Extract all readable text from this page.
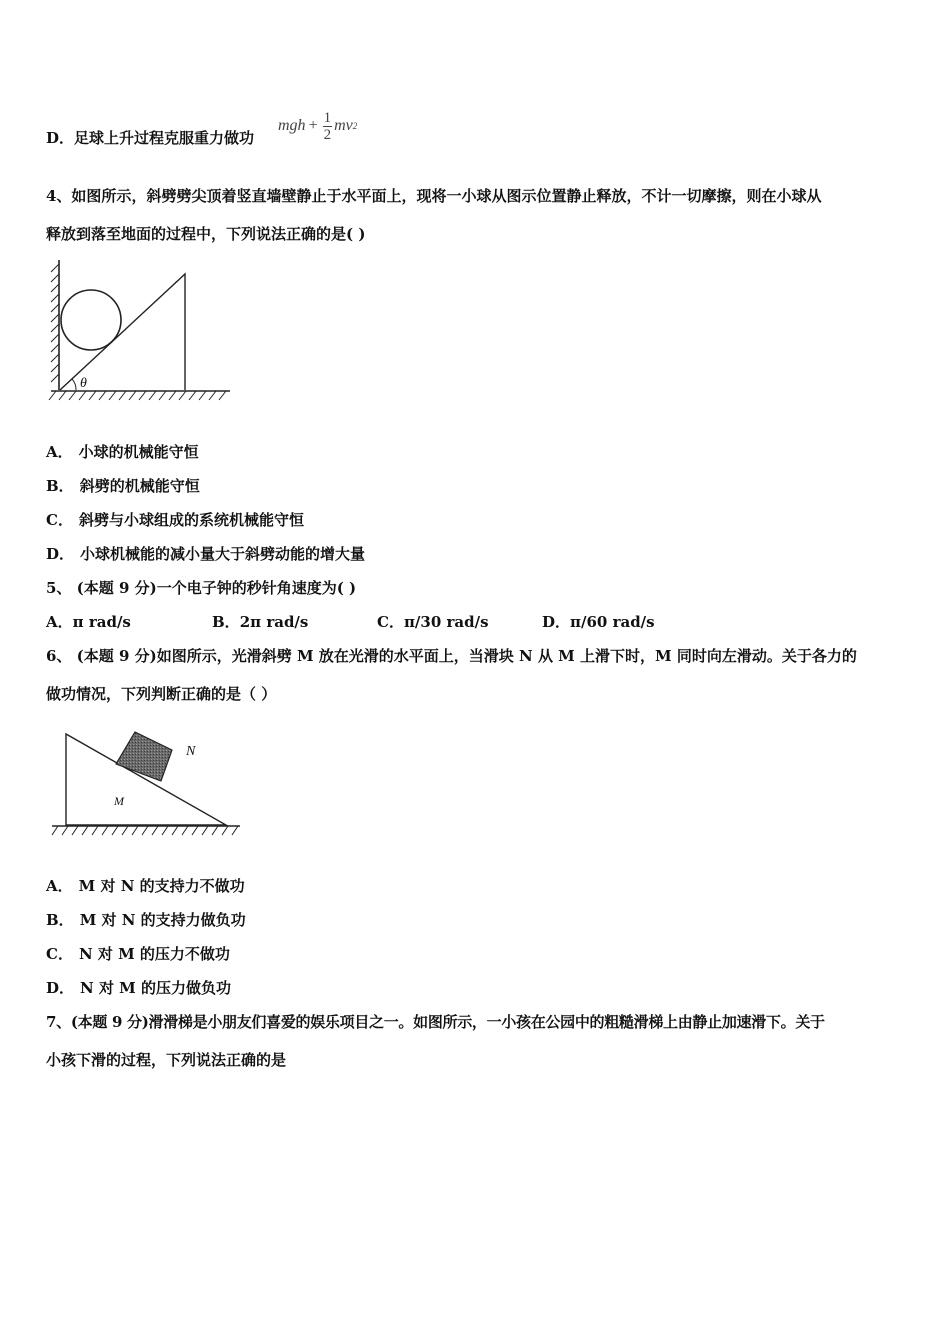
D．足球上升过程克服重力做功
mgh + $\frac{1}{2}$ mv 2
4、如图所示，斜劈劈尖顶着竖直墙壁静止于水平面上，现将一小球从图示位置静止释放，不计一切摩擦，则在小球从
释放到落至地面的过程中，下列说法正确的是( )
θ
A． 小球的机械能守恒
B． 斜劈的机械能守恒
C． 斜劈与小球组成的系统机械能守恒
D． 小球机械能的减小量大于斜劈动能的增大量
5、 (本题 9 分)一个电子钟的秒针角速度为( )
A．π rad/s	B．2π rad/s	C．π/30 rad/s	D．π/60 rad/s
6、 (本题 9 分)如图所示，光滑斜劈 M 放在光滑的水平面上，当滑块 N 从 M 上滑下时，M 同时向左滑动。关于各力的
做功情况，下列判断正确的是（ ）
N
M
A． M 对 N 的支持力不做功
B． M 对 N 的支持力做负功
C． N 对 M 的压力不做功
D． N 对 M 的压力做负功
7、(本题 9 分)滑滑梯是小朋友们喜爱的娱乐项目之一。如图所示，一小孩在公园中的粗糙滑梯上由静止加速滑下。关于
小孩下滑的过程，下列说法正确的是
